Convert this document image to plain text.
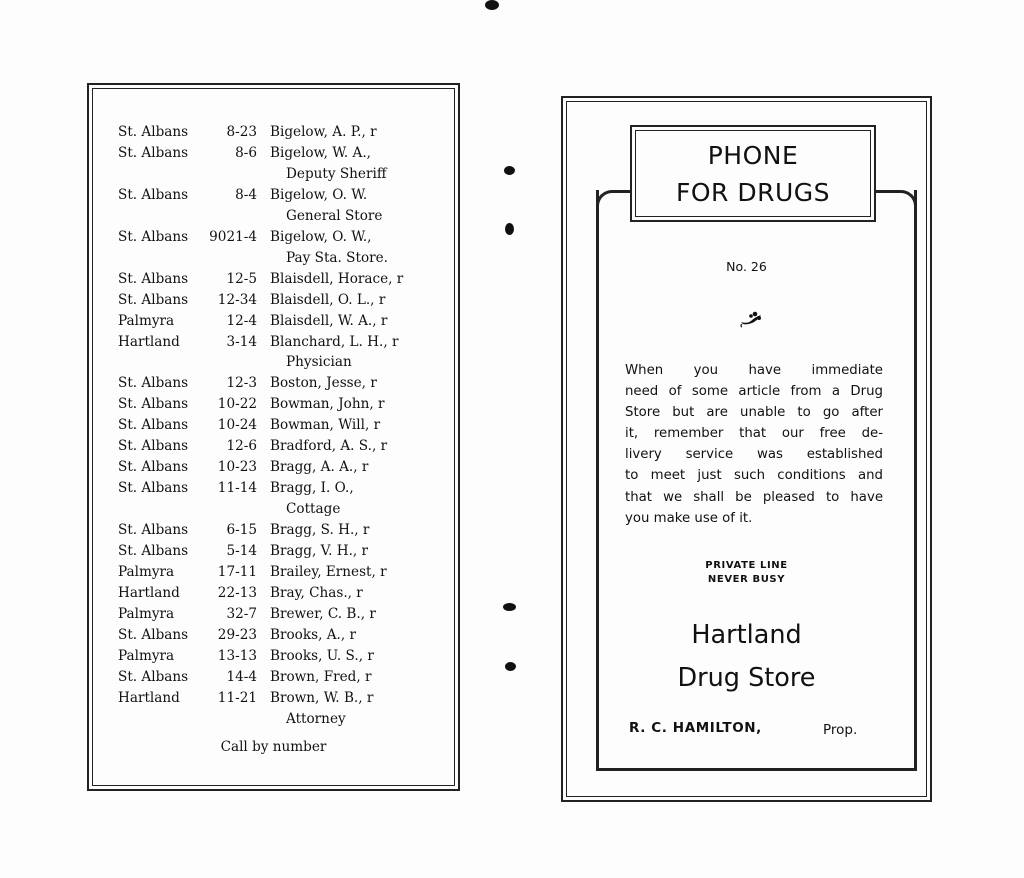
St. Albans	8-23	Bigelow, A. P., r
St. Albans	8-6	Bigelow, W. A.,
Deputy Sheriff

St. Albans	8-4	Bigelow, O. W.
General Store

St. Albans	9021-4	Bigelow, O. W.,
Pay Sta. Store.

St. Albans	12-5	Blaisdell, Horace, r
St. Albans	12-34	Blaisdell, O. L., r
Palmyra	12-4	Blaisdell, W. A., r
Hartland	3-14	Blanchard, L. H., r
Physician

St. Albans	12-3	Boston, Jesse, r
St. Albans	10-22	Bowman, John, r
St. Albans	10-24	Bowman, Will, r
St. Albans	12-6	Bradford, A. S., r
St. Albans	10-23	Bragg, A. A., r
St. Albans	11-14	Bragg, I. O.,
Cottage

St. Albans	6-15	Bragg, S. H., r
St. Albans	5-14	Bragg, V. H., r
Palmyra	17-11	Brailey, Ernest, r
Hartland	22-13	Bray, Chas., r
Palmyra	32-7	Brewer, C. B., r
St. Albans	29-23	Brooks, A., r
Palmyra	13-13	Brooks, U. S., r
St. Albans	14-4	Brown, Fred, r
Hartland	11-21	Brown, W. B., r
Attorney
Call by number
PHONE
FOR DRUGS
No. 26
When you have immediate
need of some article from a Drug
Store but are unable to go after
it, remember that our free de-
livery service was established
to meet just such conditions and
that we shall be pleased to have
you make use of it.
PRIVATE LINE
NEVER BUSY
Hartland
Drug Store
R. C. HAMILTON,	Prop.
